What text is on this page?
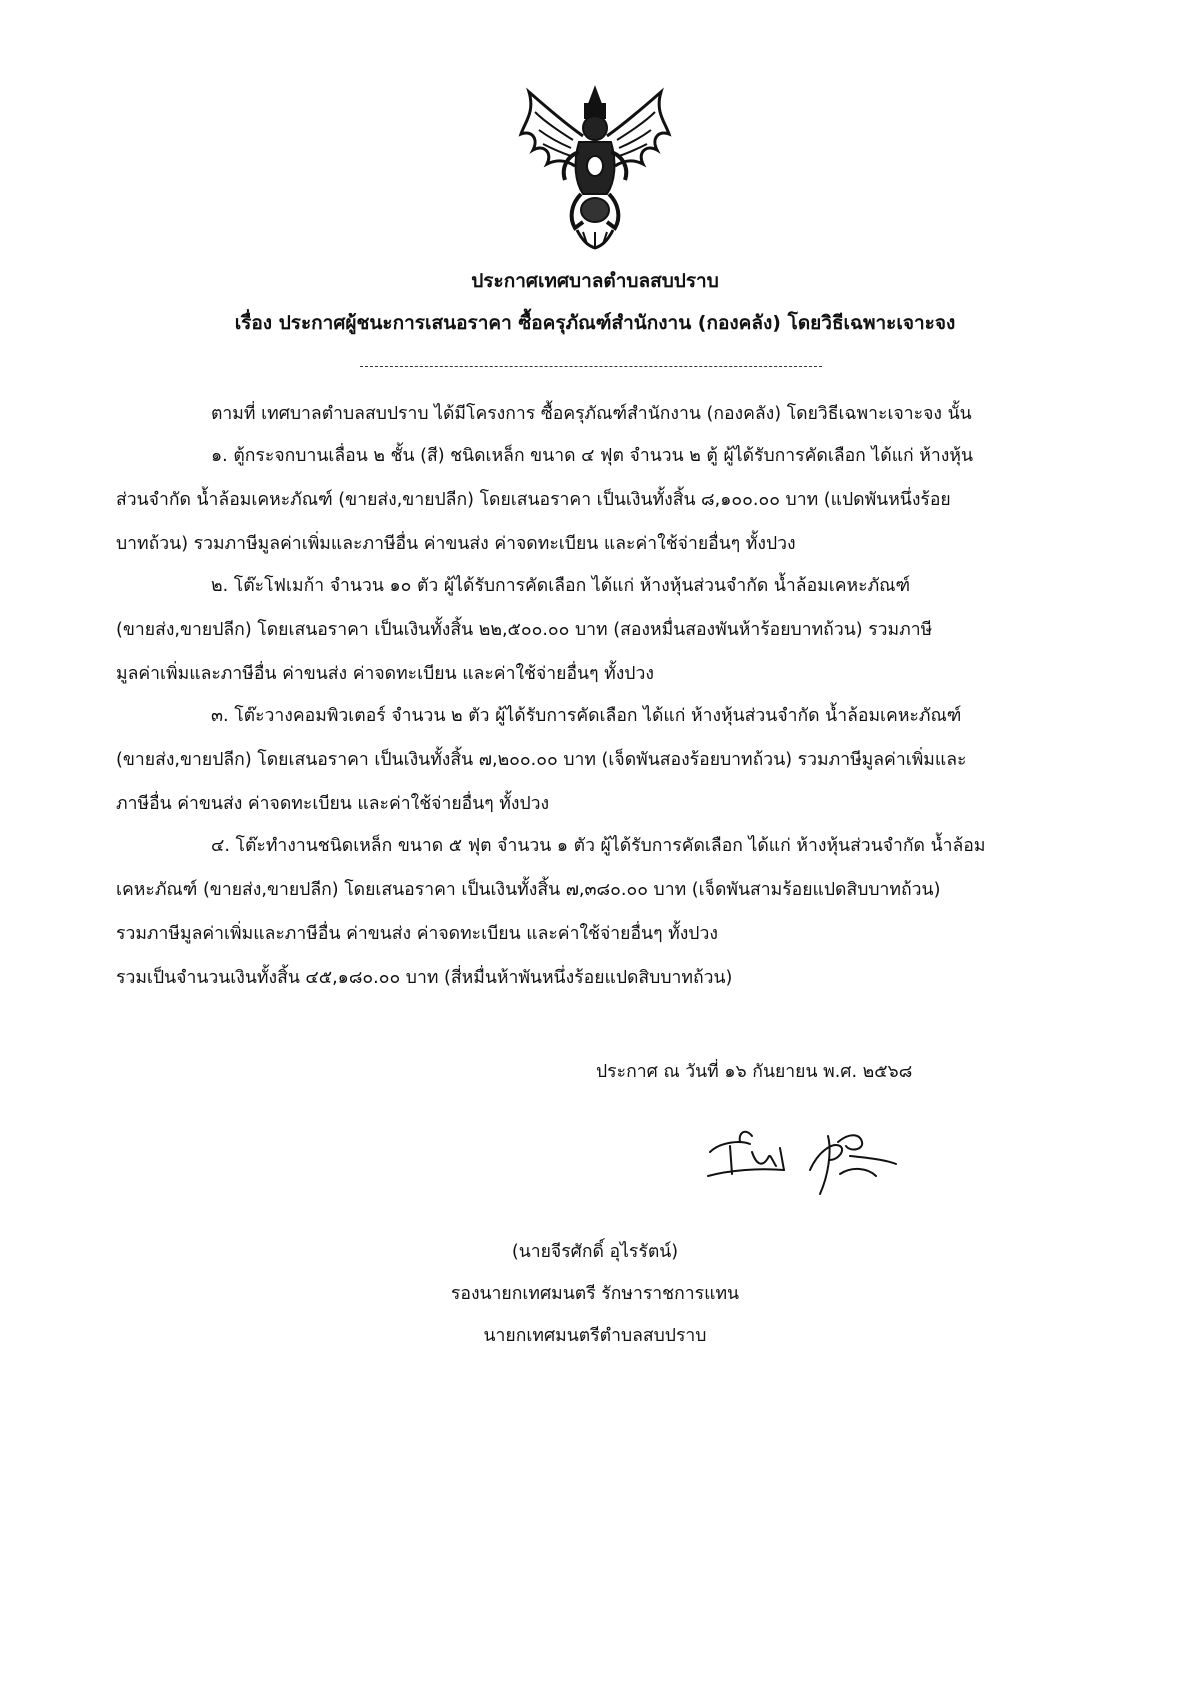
ประกาศเทศบาลตำบลสบปราบ
เรื่อง ประกาศผู้ชนะการเสนอราคา ซื้อครุภัณฑ์สำนักงาน (กองคลัง) โดยวิธีเฉพาะเจาะจง
ตามที่ เทศบาลตำบลสบปราบ ได้มีโครงการ ซื้อครุภัณฑ์สำนักงาน (กองคลัง) โดยวิธีเฉพาะเจาะจง นั้น
๑. ตู้กระจกบานเลื่อน ๒ ชั้น (สี) ชนิดเหล็ก ขนาด ๔ ฟุต จำนวน ๒ ตู้ ผู้ได้รับการคัดเลือก ได้แก่ ห้างหุ้น
ส่วนจำกัด น้ำล้อมเคหะภัณฑ์ (ขายส่ง,ขายปลีก) โดยเสนอราคา เป็นเงินทั้งสิ้น ๘,๑๐๐.๐๐ บาท (แปดพันหนึ่งร้อย
บาทถ้วน) รวมภาษีมูลค่าเพิ่มและภาษีอื่น ค่าขนส่ง ค่าจดทะเบียน และค่าใช้จ่ายอื่นๆ ทั้งปวง
๒. โต๊ะโฟเมก้า จำนวน ๑๐ ตัว ผู้ได้รับการคัดเลือก ได้แก่ ห้างหุ้นส่วนจำกัด น้ำล้อมเคหะภัณฑ์
(ขายส่ง,ขายปลีก) โดยเสนอราคา เป็นเงินทั้งสิ้น ๒๒,๕๐๐.๐๐ บาท (สองหมื่นสองพันห้าร้อยบาทถ้วน) รวมภาษี
มูลค่าเพิ่มและภาษีอื่น ค่าขนส่ง ค่าจดทะเบียน และค่าใช้จ่ายอื่นๆ ทั้งปวง
๓. โต๊ะวางคอมพิวเตอร์ จำนวน ๒ ตัว ผู้ได้รับการคัดเลือก ได้แก่ ห้างหุ้นส่วนจำกัด น้ำล้อมเคหะภัณฑ์
(ขายส่ง,ขายปลีก) โดยเสนอราคา เป็นเงินทั้งสิ้น ๗,๒๐๐.๐๐ บาท (เจ็ดพันสองร้อยบาทถ้วน) รวมภาษีมูลค่าเพิ่มและ
ภาษีอื่น ค่าขนส่ง ค่าจดทะเบียน และค่าใช้จ่ายอื่นๆ ทั้งปวง
๔. โต๊ะทำงานชนิดเหล็ก ขนาด ๕ ฟุต จำนวน ๑ ตัว ผู้ได้รับการคัดเลือก ได้แก่ ห้างหุ้นส่วนจำกัด น้ำล้อม
เคหะภัณฑ์ (ขายส่ง,ขายปลีก) โดยเสนอราคา เป็นเงินทั้งสิ้น ๗,๓๘๐.๐๐ บาท (เจ็ดพันสามร้อยแปดสิบบาทถ้วน)
รวมภาษีมูลค่าเพิ่มและภาษีอื่น ค่าขนส่ง ค่าจดทะเบียน และค่าใช้จ่ายอื่นๆ ทั้งปวง
รวมเป็นจำนวนเงินทั้งสิ้น ๔๕,๑๘๐.๐๐ บาท (สี่หมื่นห้าพันหนึ่งร้อยแปดสิบบาทถ้วน)
ประกาศ ณ วันที่ ๑๖ กันยายน พ.ศ. ๒๕๖๘
(นายจีรศักดิ์ อุไรรัตน์)
รองนายกเทศมนตรี รักษาราชการแทน
นายกเทศมนตรีตำบลสบปราบ
